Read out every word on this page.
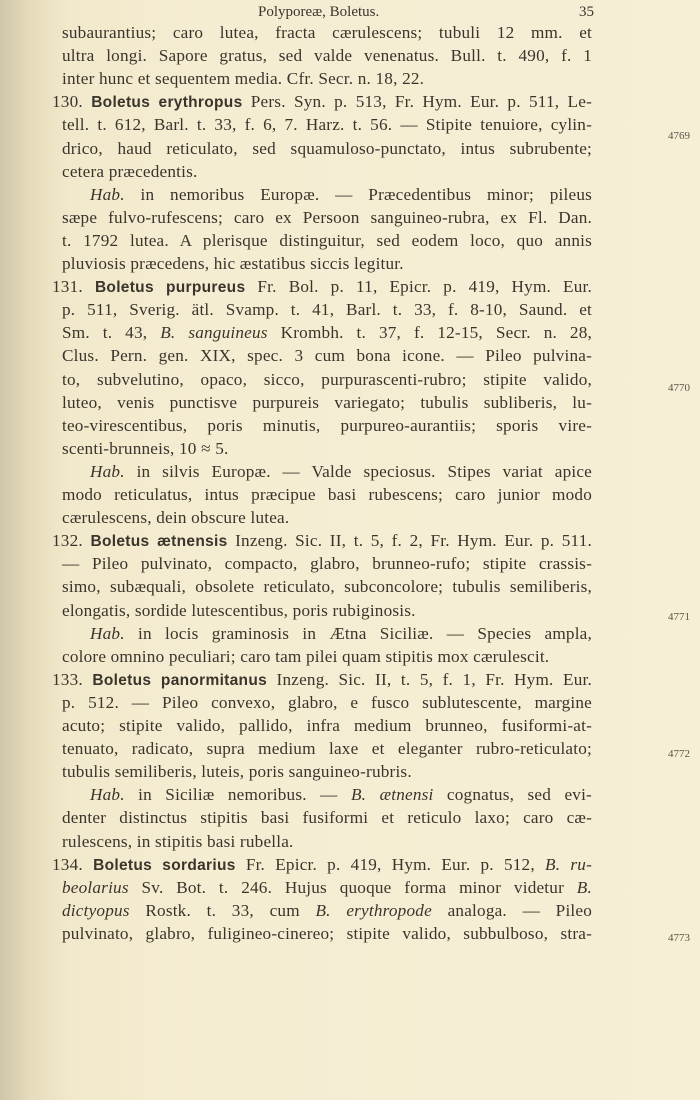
Polyporeæ, Boletus.	35
subaurantius; caro lutea, fracta cærulescens; tubuli 12 mm. et
ultra longi. Sapore gratus, sed valde venenatus. Bull. t. 490, f. 1
inter hunc et sequentem media. Cfr. Secr. n. 18, 22.
130. Boletus erythropus Pers. Syn. p. 513, Fr. Hym. Eur. p. 511, Le-
tell. t. 612, Barl. t. 33, f. 6, 7. Harz. t. 56. — Stipite tenuiore, cylin-
drico, haud reticulato, sed squamuloso-punctato, intus subrubente;
cetera præcedentis.
Hab. in nemoribus Europæ. — Præcedentibus minor; pileus
sæpe fulvo-rufescens; caro ex Persoon sanguineo-rubra, ex Fl. Dan.
t. 1792 lutea. A plerisque distinguitur, sed eodem loco, quo annis
pluviosis præcedens, hic æstatibus siccis legitur.
131. Boletus purpureus Fr. Bol. p. 11, Epicr. p. 419, Hym. Eur.
p. 511, Sverig. ätl. Svamp. t. 41, Barl. t. 33, f. 8-10, Saund. et
Sm. t. 43, B. sanguineus Krombh. t. 37, f. 12-15, Secr. n. 28,
Clus. Pern. gen. XIX, spec. 3 cum bona icone. — Pileo pulvina-
to, subvelutino, opaco, sicco, purpurascenti-rubro; stipite valido,
luteo, venis punctisve purpureis variegato; tubulis subliberis, lu-
teo-virescentibus, poris minutis, purpureo-aurantiis; sporis vire-
scenti-brunneis, 10 ≈ 5.
Hab. in silvis Europæ. — Valde speciosus. Stipes variat apice
modo reticulatus, intus præcipue basi rubescens; caro junior modo
cærulescens, dein obscure lutea.
132. Boletus ætnensis Inzeng. Sic. II, t. 5, f. 2, Fr. Hym. Eur. p. 511.
— Pileo pulvinato, compacto, glabro, brunneo-rufo; stipite crassis-
simo, subæquali, obsolete reticulato, subconcolore; tubulis semiliberis,
elongatis, sordide lutescentibus, poris rubiginosis.
Hab. in locis graminosis in Ætna Siciliæ. — Species ampla,
colore omnino peculiari; caro tam pilei quam stipitis mox cærulescit.
133. Boletus panormitanus Inzeng. Sic. II, t. 5, f. 1, Fr. Hym. Eur.
p. 512. — Pileo convexo, glabro, e fusco sublutescente, margine
acuto; stipite valido, pallido, infra medium brunneo, fusiformi-at-
tenuato, radicato, supra medium laxe et eleganter rubro-reticulato;
tubulis semiliberis, luteis, poris sanguineo-rubris.
Hab. in Siciliæ nemoribus. — B. ætnensi cognatus, sed evi-
denter distinctus stipitis basi fusiformi et reticulo laxo; caro cæ-
rulescens, in stipitis basi rubella.
134. Boletus sordarius Fr. Epicr. p. 419, Hym. Eur. p. 512, B. ru-
beolarius Sv. Bot. t. 246. Hujus quoque forma minor videtur B.
dictyopus Rostk. t. 33, cum B. erythropode analoga. — Pileo
pulvinato, glabro, fuligineo-cinereo; stipite valido, subbulboso, stra-
4769
4770
4771
4772
4773
